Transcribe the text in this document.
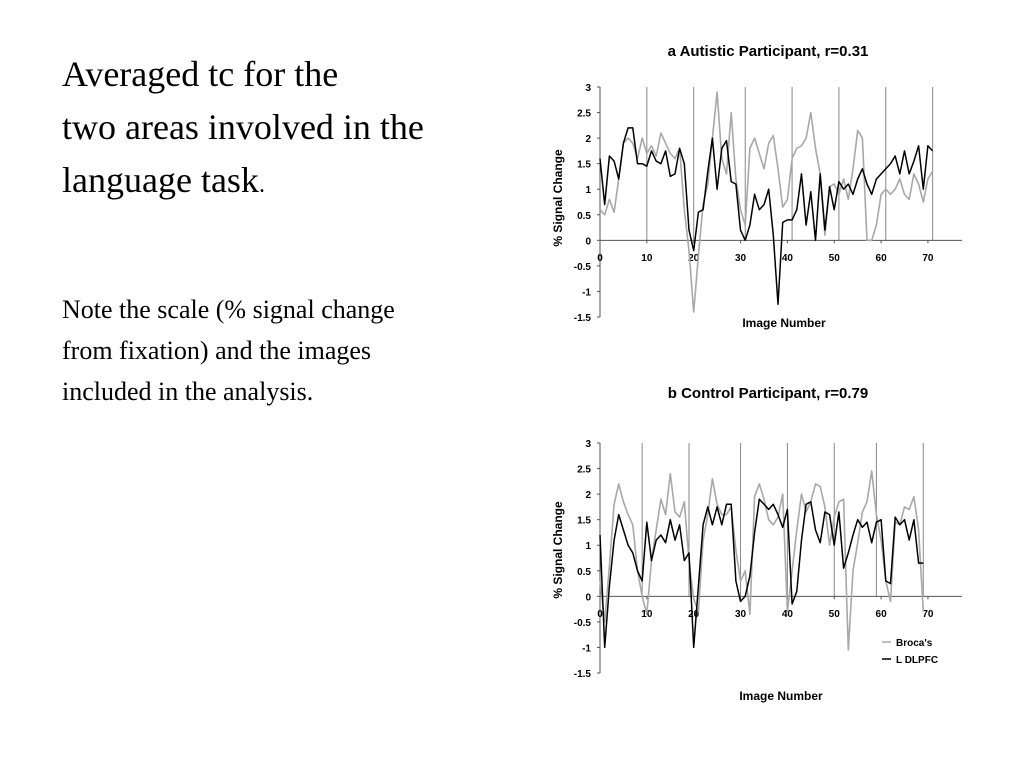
Averaged tc for the
two areas involved in the
language task.
Note the scale (% signal change from fixation) and the images included in the analysis.
a Autistic Participant, r=0.31
-1.5
-1
-0.5
0
0.5
1
1.5
2
2.5
3
0	10	20	30	40	50	60	70
Image Number
% Signal Change
b Control Participant, r=0.79
-1.5
-1
-0.5
0
0.5
1
1.5
2
2.5
3
0	10	20	30	40	50	60	70
Image Number
% Signal Change
Broca's
L DLPFC
